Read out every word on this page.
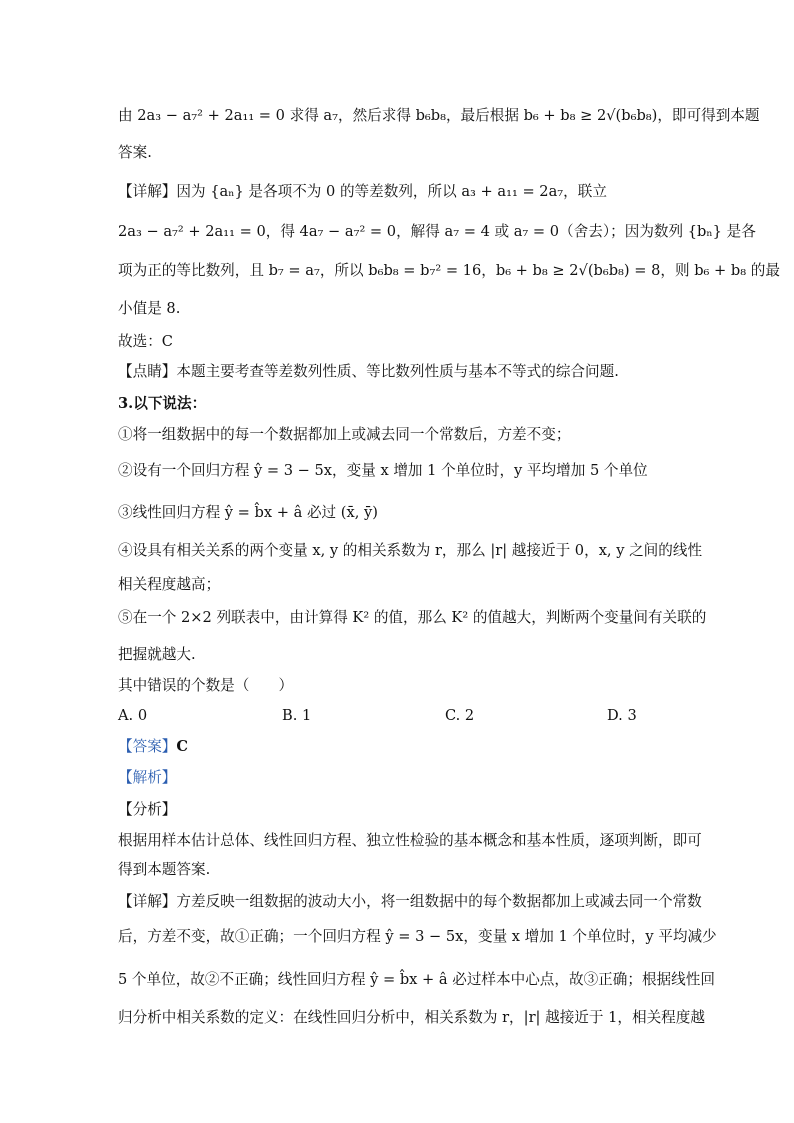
由 2a₃ − a₇² + 2a₁₁ = 0 求得 a₇，然后求得 b₆b₈，最后根据 b₆ + b₈ ≥ 2√(b₆b₈)，即可得到本题
答案.
【详解】因为 {aₙ} 是各项不为 0 的等差数列，所以 a₃ + a₁₁ = 2a₇，联立
2a₃ − a₇² + 2a₁₁ = 0，得 4a₇ − a₇² = 0，解得 a₇ = 4 或 a₇ = 0（舍去）；因为数列 {bₙ} 是各
项为正的等比数列，且 b₇ = a₇，所以 b₆b₈ = b₇² = 16，b₆ + b₈ ≥ 2√(b₆b₈) = 8，则 b₆ + b₈ 的最
小值是 8.
故选：C
【点睛】本题主要考查等差数列性质、等比数列性质与基本不等式的综合问题.
3.以下说法：
①将一组数据中的每一个数据都加上或减去同一个常数后，方差不变；
②设有一个回归方程 ŷ = 3 − 5x，变量 x 增加 1 个单位时，y 平均增加 5 个单位
③线性回归方程 ŷ = b̂x + â 必过 (x̄, ȳ)
④设具有相关关系的两个变量 x, y 的相关系数为 r，那么 |r| 越接近于 0，x, y 之间的线性
相关程度越高；
⑤在一个 2×2 列联表中，由计算得 K² 的值，那么 K² 的值越大，判断两个变量间有关联的
把握就越大.
其中错误的个数是（　　）
A. 0	B. 1	C. 2	D. 3
【答案】C
【解析】
【分析】
根据用样本估计总体、线性回归方程、独立性检验的基本概念和基本性质，逐项判断，即可
得到本题答案.
【详解】方差反映一组数据的波动大小，将一组数据中的每个数据都加上或减去同一个常数
后，方差不变，故①正确；一个回归方程 ŷ = 3 − 5x，变量 x 增加 1 个单位时，y 平均减少
5 个单位，故②不正确；线性回归方程 ŷ = b̂x + â 必过样本中心点，故③正确；根据线性回
归分析中相关系数的定义：在线性回归分析中，相关系数为 r，|r| 越接近于 1，相关程度越
